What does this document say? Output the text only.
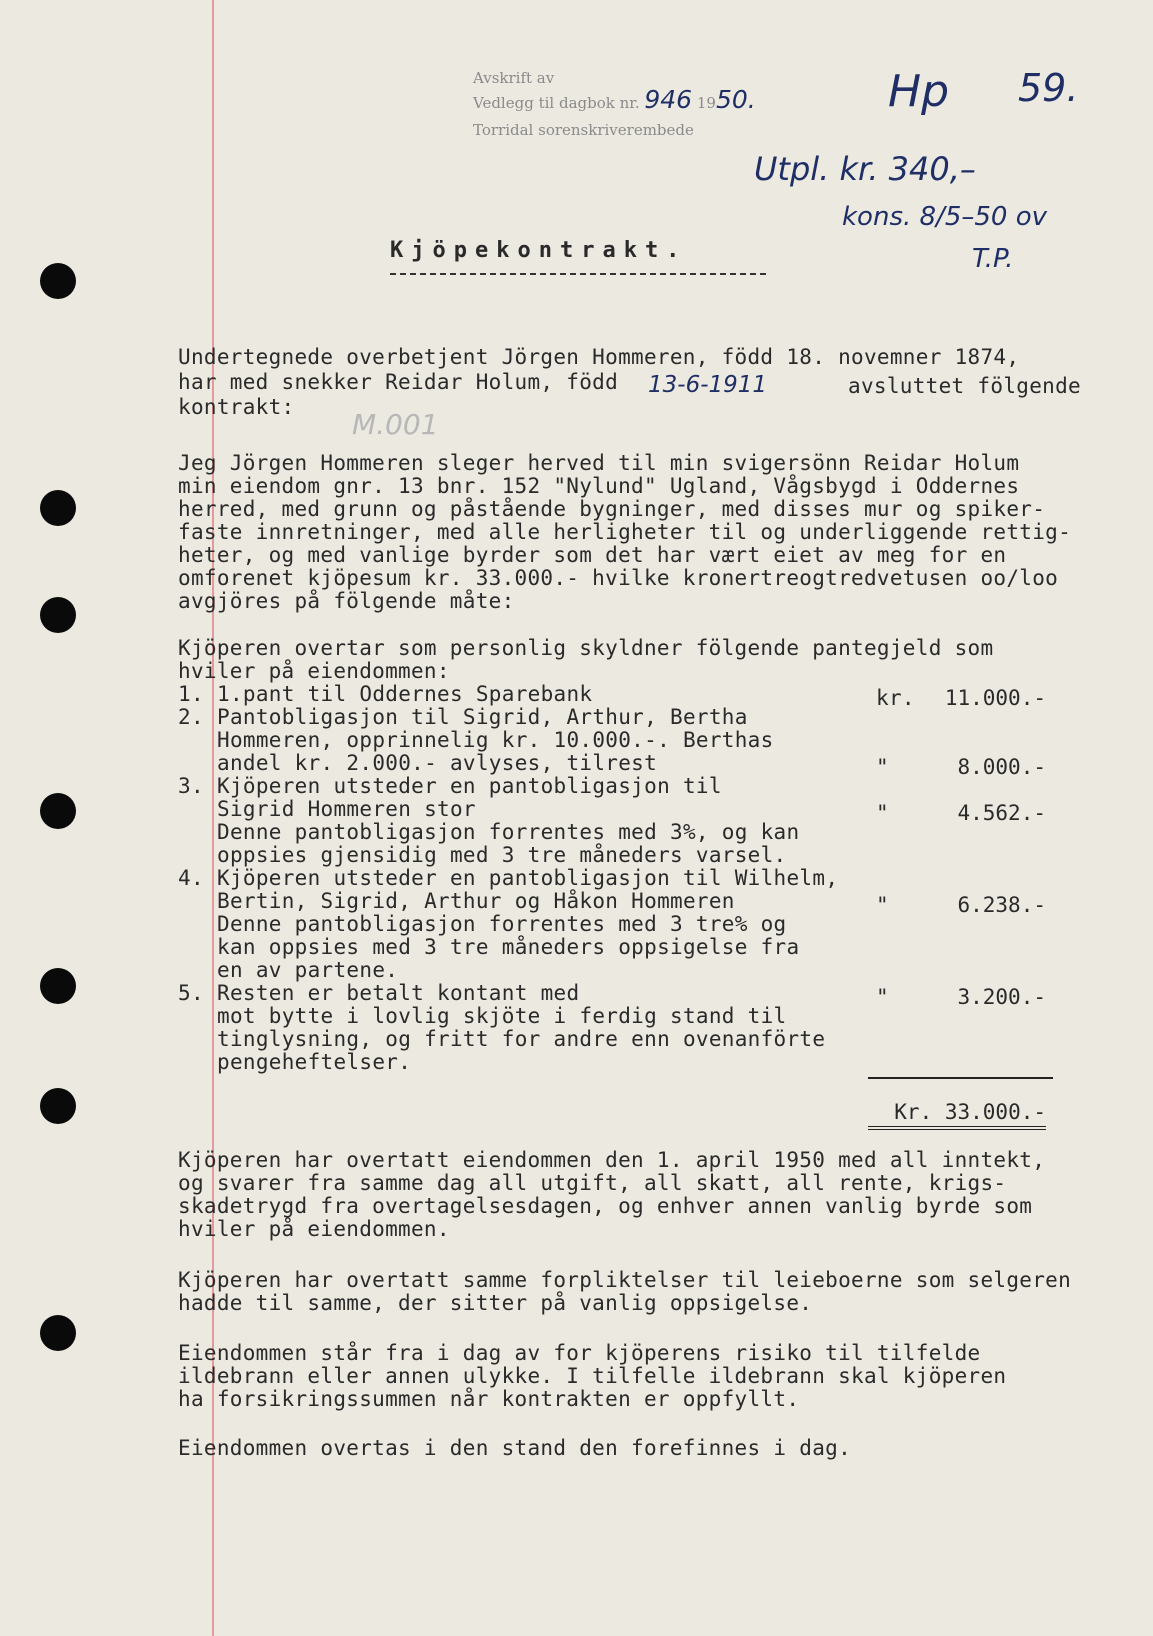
Avskrift av
Vedlegg til dagbok nr. 946 1950.
Torridal sorenskriverembede
Hp 59.
Utpl. kr. 340,–
kons. 8/5–50 ov
T.P.
M.001
Kjöpekontrakt.
Undertegnede overbetjent Jörgen Hommeren, född 18. novemner 1874,
har med snekker Reidar Holum, född 13-6-1911	avsluttet fölgende
kontrakt:
Jeg Jörgen Hommeren sleger herved til min svigersönn Reidar Holum
min eiendom gnr. 13 bnr. 152 "Nylund" Ugland, Vågsbygd i Oddernes
herred, med grunn og påstående bygninger, med disses mur og spiker-
faste innretninger, med alle herligheter til og underliggende rettig-
heter, og med vanlige byrder som det har vært eiet av meg for en
omforenet kjöpesum kr. 33.000.- hvilke kronertreogtredvetusen oo/loo
avgjöres på fölgende måte:
Kjöperen overtar som personlig skyldner fölgende pantegjeld som
hviler på eiendommen:
1. 1.pant til Oddernes Sparebank	kr.	11.000.-
2. Pantobligasjon til Sigrid, Arthur, Bertha
Hommeren, opprinnelig kr. 10.000.-. Berthas
andel kr. 2.000.- avlyses, tilrest	"	8.000.-
3. Kjöperen utsteder en pantobligasjon til
Sigrid Hommeren stor	"	4.562.-
Denne pantobligasjon forrentes med 3%, og kan
oppsies gjensidig med 3 tre måneders varsel.
4. Kjöperen utsteder en pantobligasjon til Wilhelm,
Bertin, Sigrid, Arthur og Håkon Hommeren	"	6.238.-
Denne pantobligasjon forrentes med 3 tre% og
kan oppsies med 3 tre måneders oppsigelse fra
en av partene.
5. Resten er betalt kontant med	"	3.200.-
mot bytte i lovlig skjöte i ferdig stand til
tinglysning, og fritt for andre enn ovenanförte
pengeheftelser.
Kr. 33.000.-
Kjöperen har overtatt eiendommen den 1. april 1950 med all inntekt,
og svarer fra samme dag all utgift, all skatt, all rente, krigs-
skadetrygd fra overtagelsesdagen, og enhver annen vanlig byrde som
hviler på eiendommen.
Kjöperen har overtatt samme forpliktelser til leieboerne som selgeren
hadde til samme, der sitter på vanlig oppsigelse.
Eiendommen står fra i dag av for kjöperens risiko til tilfelde
ildebrann eller annen ulykke. I tilfelle ildebrann skal kjöperen
ha forsikringssummen når kontrakten er oppfyllt.
Eiendommen overtas i den stand den forefinnes i dag.
